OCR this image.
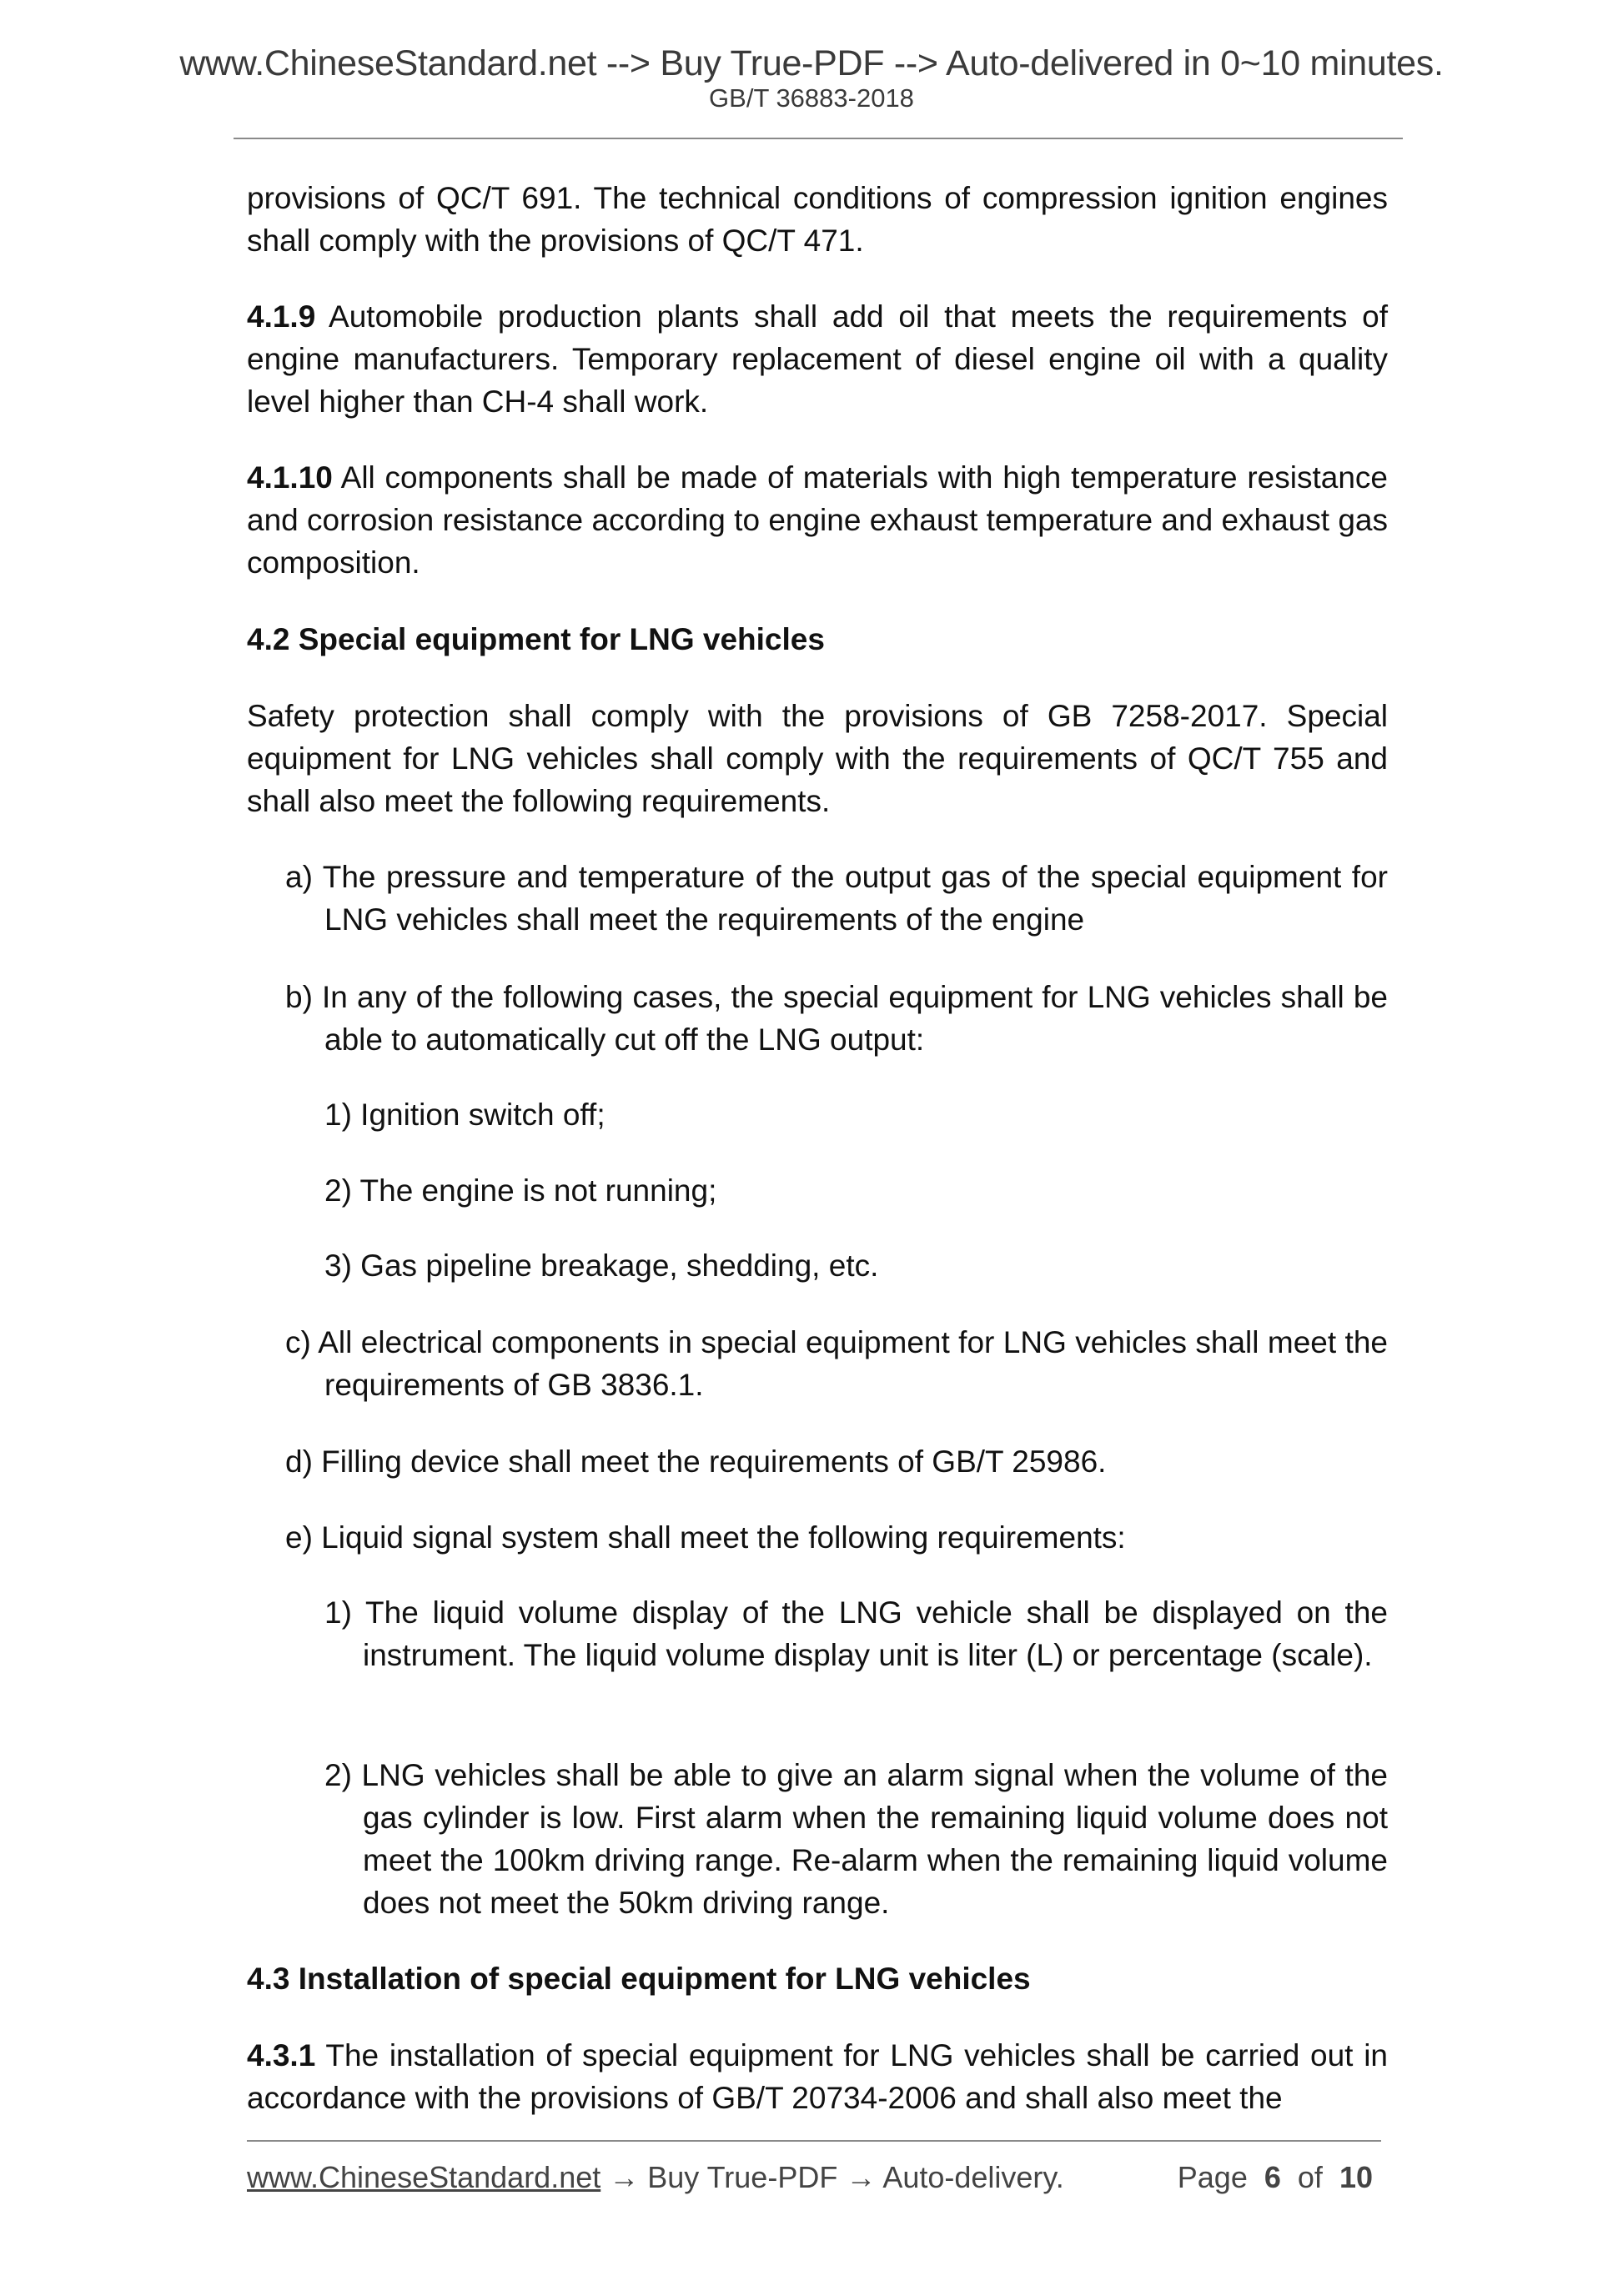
www.ChineseStandard.net --> Buy True-PDF --> Auto-delivered in 0~10 minutes.
GB/T 36883-2018
provisions of QC/T 691. The technical conditions of compression ignition engines shall comply with the provisions of QC/T 471.
4.1.9 Automobile production plants shall add oil that meets the requirements of engine manufacturers. Temporary replacement of diesel engine oil with a quality level higher than CH-4 shall work.
4.1.10 All components shall be made of materials with high temperature resistance and corrosion resistance according to engine exhaust temperature and exhaust gas composition.
4.2 Special equipment for LNG vehicles
Safety protection shall comply with the provisions of GB 7258-2017. Special equipment for LNG vehicles shall comply with the requirements of QC/T 755 and shall also meet the following requirements.
a) The pressure and temperature of the output gas of the special equipment for LNG vehicles shall meet the requirements of the engine
b) In any of the following cases, the special equipment for LNG vehicles shall be able to automatically cut off the LNG output:
1) Ignition switch off;
2) The engine is not running;
3) Gas pipeline breakage, shedding, etc.
c) All electrical components in special equipment for LNG vehicles shall meet the requirements of GB 3836.1.
d) Filling device shall meet the requirements of GB/T 25986.
e) Liquid signal system shall meet the following requirements:
1) The liquid volume display of the LNG vehicle shall be displayed on the instrument. The liquid volume display unit is liter (L) or percentage (scale).
2) LNG vehicles shall be able to give an alarm signal when the volume of the gas cylinder is low. First alarm when the remaining liquid volume does not meet the 100km driving range. Re-alarm when the remaining liquid volume does not meet the 50km driving range.
4.3 Installation of special equipment for LNG vehicles
4.3.1 The installation of special equipment for LNG vehicles shall be carried out in accordance with the provisions of GB/T 20734-2006 and shall also meet the
www.ChineseStandard.net → Buy True-PDF → Auto-delivery.	Page 6 of 10
